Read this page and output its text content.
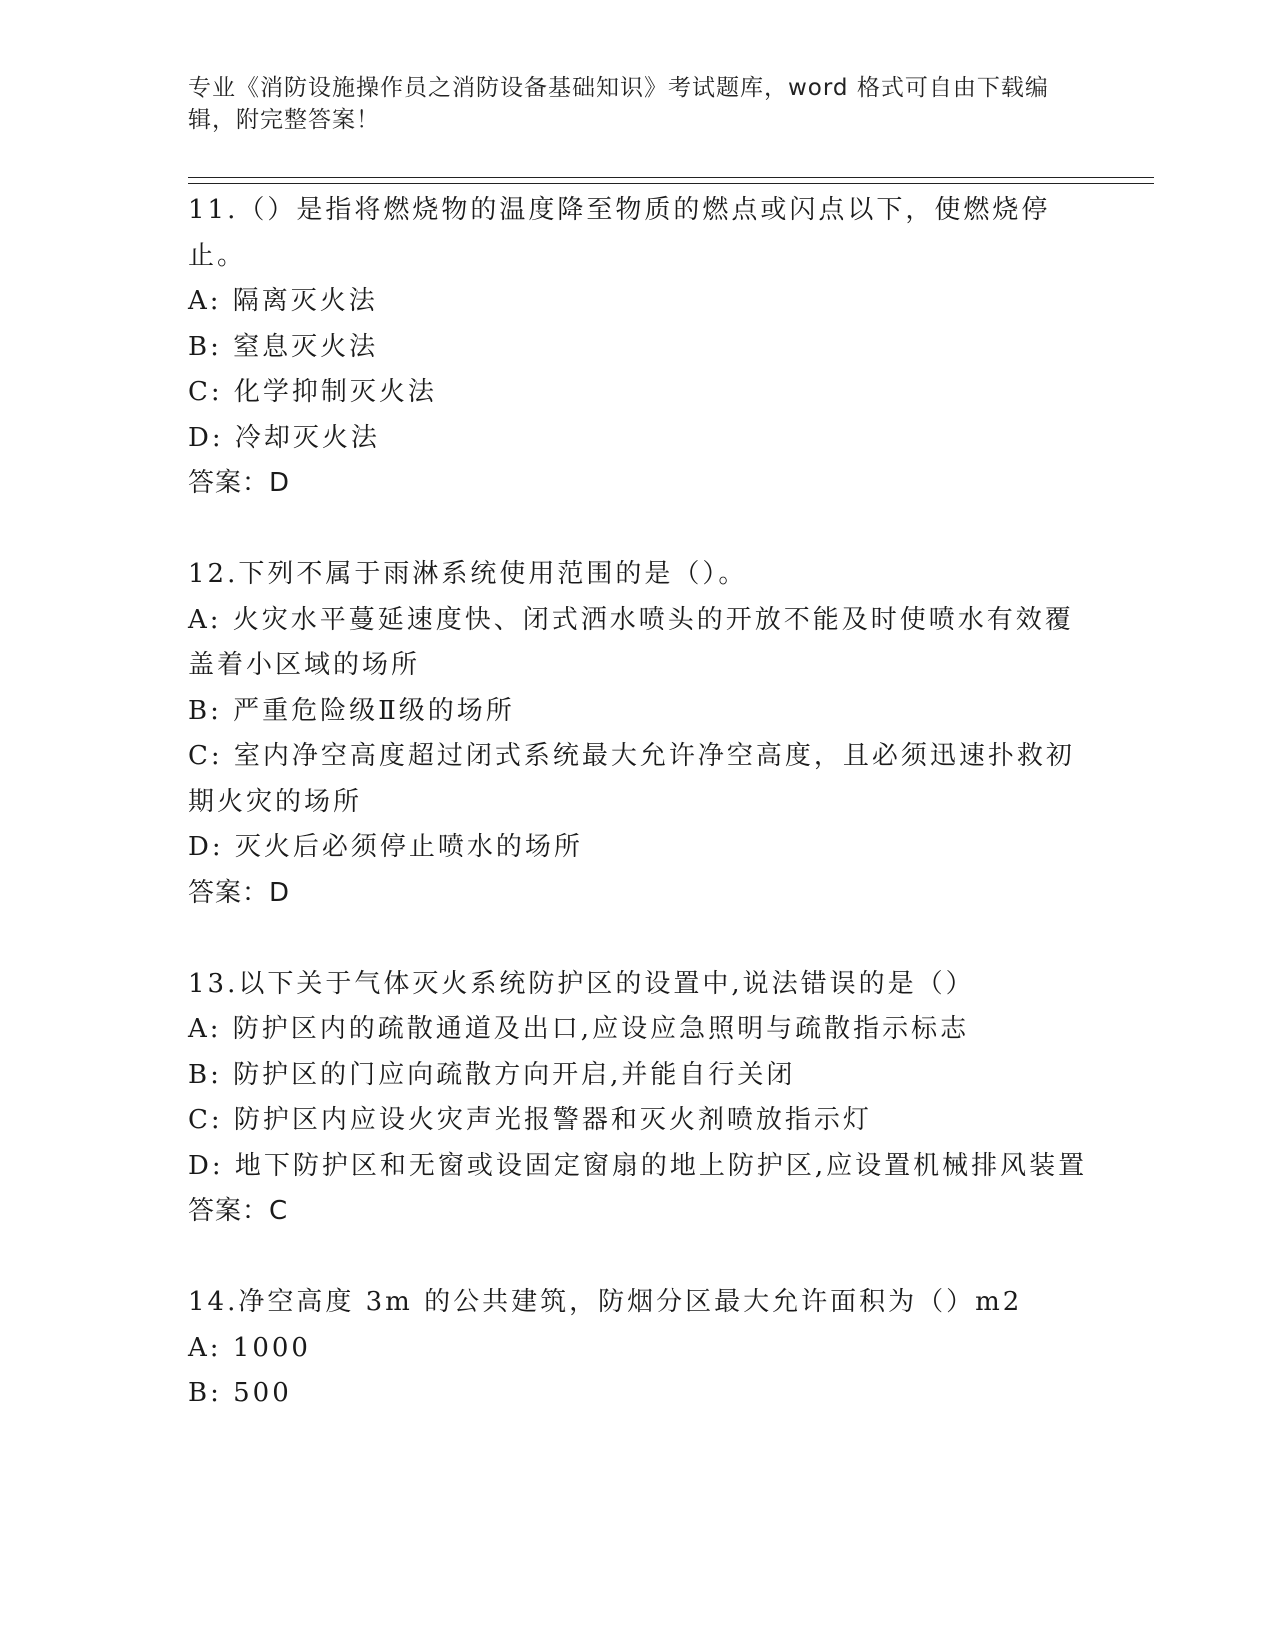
专业《消防设施操作员之消防设备基础知识》考试题库，word 格式可自由下载编辑，附完整答案！

11.（）是指将燃烧物的温度降至物质的燃点或闪点以下，使燃烧停止。

A: 隔离灭火法

B: 窒息灭火法

C: 化学抑制灭火法

D: 冷却灭火法

答案：D

12.下列不属于雨淋系统使用范围的是（）。

A: 火灾水平蔓延速度快、闭式洒水喷头的开放不能及时使喷水有效覆盖着小区域的场所

B: 严重危险级Ⅱ级的场所

C: 室内净空高度超过闭式系统最大允许净空高度，且必须迅速扑救初期火灾的场所

D: 灭火后必须停止喷水的场所

答案：D

13.以下关于气体灭火系统防护区的设置中,说法错误的是（）

A: 防护区内的疏散通道及出口,应设应急照明与疏散指示标志

B: 防护区的门应向疏散方向开启,并能自行关闭

C: 防护区内应设火灾声光报警器和灭火剂喷放指示灯

D: 地下防护区和无窗或设固定窗扇的地上防护区,应设置机械排风装置

答案：C

14.净空高度 3m 的公共建筑，防烟分区最大允许面积为（）m2

A: 1000

B: 500
